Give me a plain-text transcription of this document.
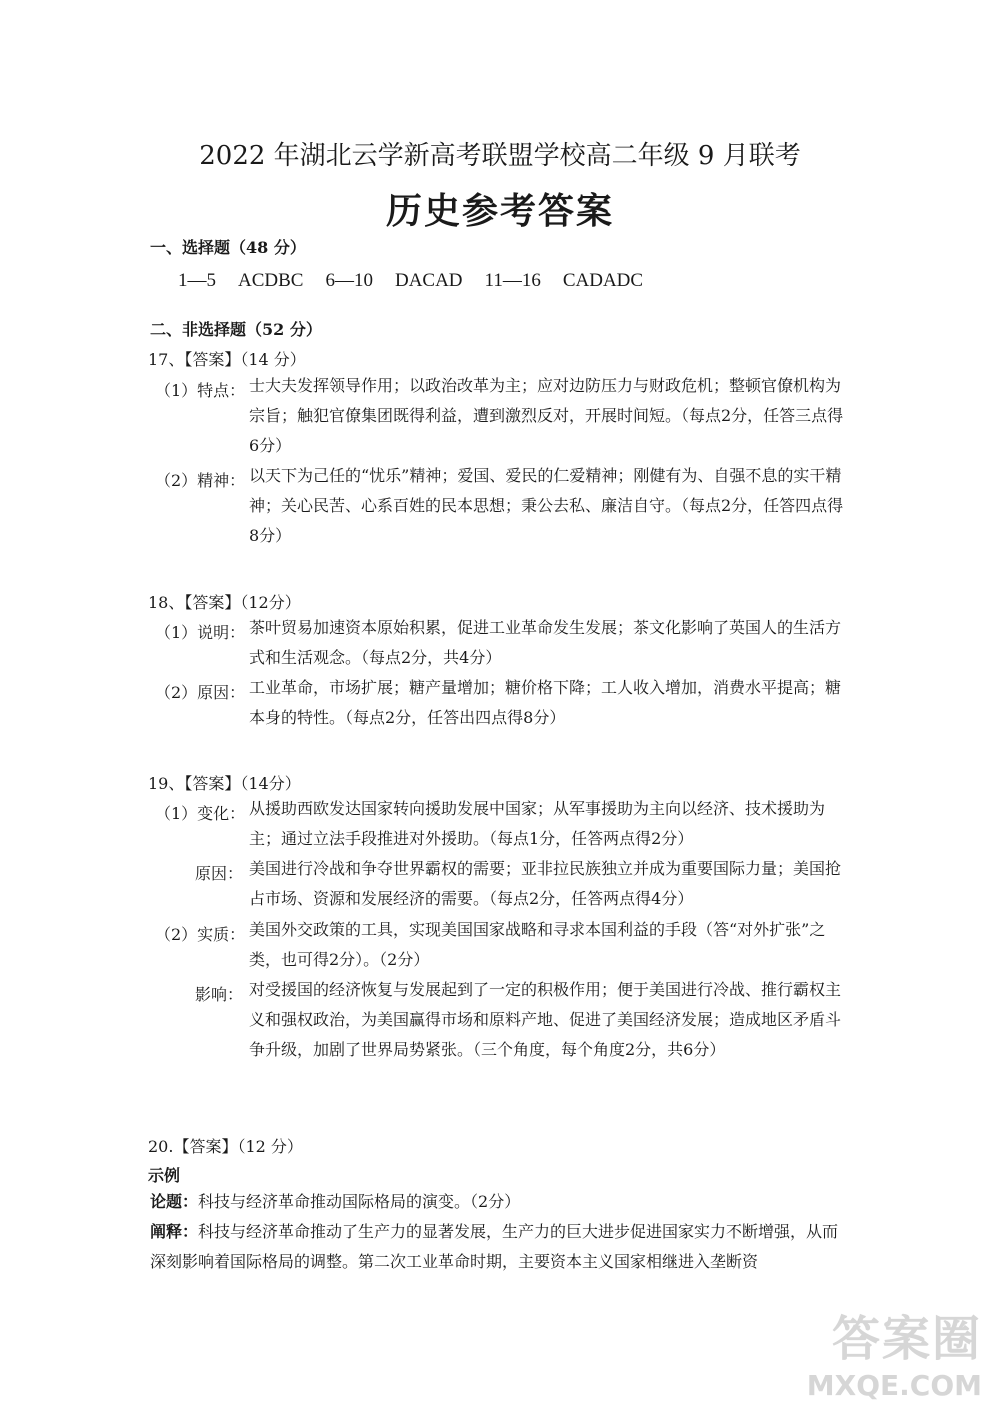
2022 年湖北云学新高考联盟学校高二年级 9 月联考
历史参考答案
一、选择题（48 分）
1—5 ACDBC 6—10 DACAD 11—16 CADADC
二、非选择题（52 分）
17、【答案】（14 分）
（1）特点： 士大夫发挥领导作用；以政治改革为主；应对边防压力与财政危机；整顿官僚机构为宗旨；触犯官僚集团既得利益，遭到激烈反对，开展时间短。（每点2分，任答三点得6分）
（2）精神： 以天下为己任的“忧乐”精神；爱国、爱民的仁爱精神；刚健有为、自强不息的实干精神；关心民苦、心系百姓的民本思想；秉公去私、廉洁自守。（每点2分，任答四点得8分）
18、【答案】（12分）
（1）说明： 茶叶贸易加速资本原始积累，促进工业革命发生发展；茶文化影响了英国人的生活方式和生活观念。（每点2分，共4分）
（2）原因： 工业革命，市场扩展；糖产量增加；糖价格下降；工人收入增加，消费水平提高；糖本身的特性。（每点2分，任答出四点得8分）
19、【答案】（14分）
（1）变化： 从援助西欧发达国家转向援助发展中国家；从军事援助为主向以经济、技术援助为主；通过立法手段推进对外援助。（每点1分，任答两点得2分）
原因： 美国进行冷战和争夺世界霸权的需要；亚非拉民族独立并成为重要国际力量；美国抢占市场、资源和发展经济的需要。（每点2分，任答两点得4分）
（2）实质： 美国外交政策的工具，实现美国国家战略和寻求本国利益的手段（答“对外扩张”之类，也可得2分）。（2分）
影响： 对受援国的经济恢复与发展起到了一定的积极作用；便于美国进行冷战、推行霸权主义和强权政治，为美国赢得市场和原料产地、促进了美国经济发展；造成地区矛盾斗争升级，加剧了世界局势紧张。（三个角度，每个角度2分，共6分）
20.【答案】（12 分）
示例
论题：科技与经济革命推动国际格局的演变。（2分）
阐释：科技与经济革命推动了生产力的显著发展，生产力的巨大进步促进国家实力不断增强，从而深刻影响着国际格局的调整。第二次工业革命时期，主要资本主义国家相继进入垄断资
答案圈
MXQE.COM
